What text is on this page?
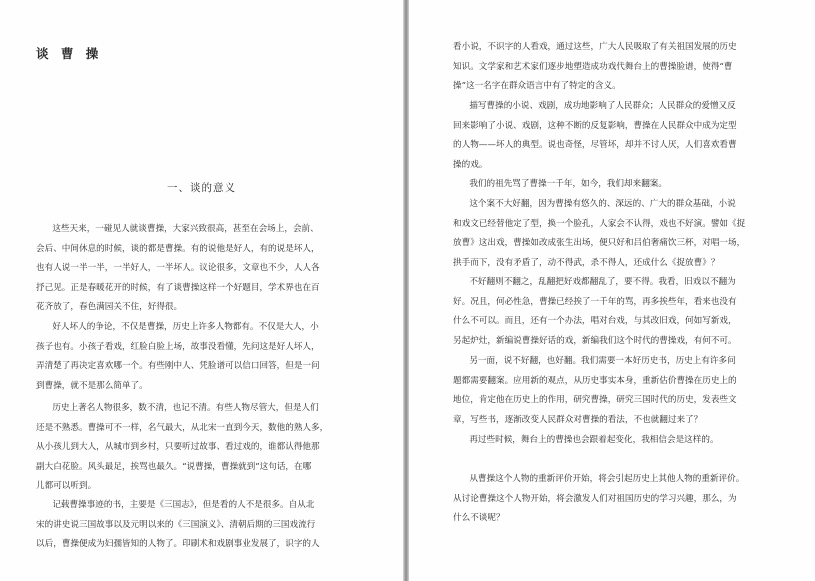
谈 曹 操
一、谈的意义
这些天来，一碰见人就谈曹操，大家兴致很高，甚至在会场上，会前、
会后、中间休息的时候，谈的都是曹操。有的说他是好人，有的说是坏人，
也有人说一半一半，一半好人，一半坏人。议论很多，文章也不少，人人各
抒己见。正是春暖花开的时候，有了谈曹操这样一个好题目，学术界也在百
花齐放了，春色满园关不住，好得很。
好人坏人的争论，不仅是曹操，历史上许多人物都有。不仅是大人，小
孩子也有。小孩子看戏，红脸白脸上场，故事没看懂，先问这是好人坏人，
弄清楚了再决定喜欢哪一个。有些刚中人、凭脸谱可以信口回答，但是一问
到曹操，就不是那么简单了。
历史上著名人物很多，数不清，也记不清。有些人物尽管大，但是人们
还是不熟悉。曹操可不一样，名气最大，从北宋一直到今天，数他的熟人多，
从小孩儿到大人，从城市到乡村，只要听过故事、看过戏的，谁都认得他那
副大白花脸。风头最足，挨骂也最久。“说曹操，曹操就到”这句话，在哪
儿都可以听到。
记载曹操事迹的书，主要是《三国志》，但是看的人不是很多。自从北
宋的讲史说三国故事以及元明以来的《三国演义》、清朝后期的三国戏流行
以后，曹操便成为妇孺皆知的人物了。印刷术和戏剧事业发展了，识字的人
看小说，不识字的人看戏，通过这些，广大人民吸取了有关祖国发展的历史
知识。文学家和艺术家们逐步地塑造成功戏代舞台上的曹操脸谱，使得“曹
操”这一名字在群众语言中有了特定的含义。
描写曹操的小说、戏剧，成功地影响了人民群众；人民群众的爱憎又反
回来影响了小说、戏剧，这种不断的反复影响，曹操在人民群众中成为定型
的人物——坏人的典型。说也奇怪，尽管坏，却并不讨人厌，人们喜欢看曹
操的戏。
我们的祖先骂了曹操一千年，如今，我们却来翻案。
这个案不大好翻，因为曹操有悠久的、深远的、广大的群众基础，小说
和戏文已经替他定了型，换一个脸孔，人家会不认得，戏也不好演。譬如《捉
放曹》这出戏，曹操如改成张生出场，便只好和吕伯奢痛饮三杯，对唱一场，
拱手而下，没有矛盾了，动不得武，杀不得人，还成什么《捉放曹》？
不好翻则不翻之，乱翻把好戏都翻乱了，要不得。我看，旧戏以不翻为
好。况且，何必性急，曹操已经挨了一千年的骂，再多挨些年，看来也没有
什么不可以。而且，还有一个办法，唱对台戏，与其改旧戏，何如写新戏，
另起炉灶，新编说曹操好话的戏，新编我们这个时代的曹操戏，有何不可。
另一面，说不好翻，也好翻。我们需要一本好历史书，历史上有许多问
题都需要翻案。应用新的观点，从历史事实本身，重新估价曹操在历史上的
地位，肯定他在历史上的作用，研究曹操，研究三国时代的历史，发表些文
章，写些书，逐渐改变人民群众对曹操的看法，不也就翻过来了？
再过些时候，舞台上的曹操也会跟着起变化，我相信会是这样的。
从曹操这个人物的重新评价开始，将会引起历史上其他人物的重新评价。
从讨论曹操这个人物开始，将会激发人们对祖国历史的学习兴趣，那么，为
什么不谈呢？
